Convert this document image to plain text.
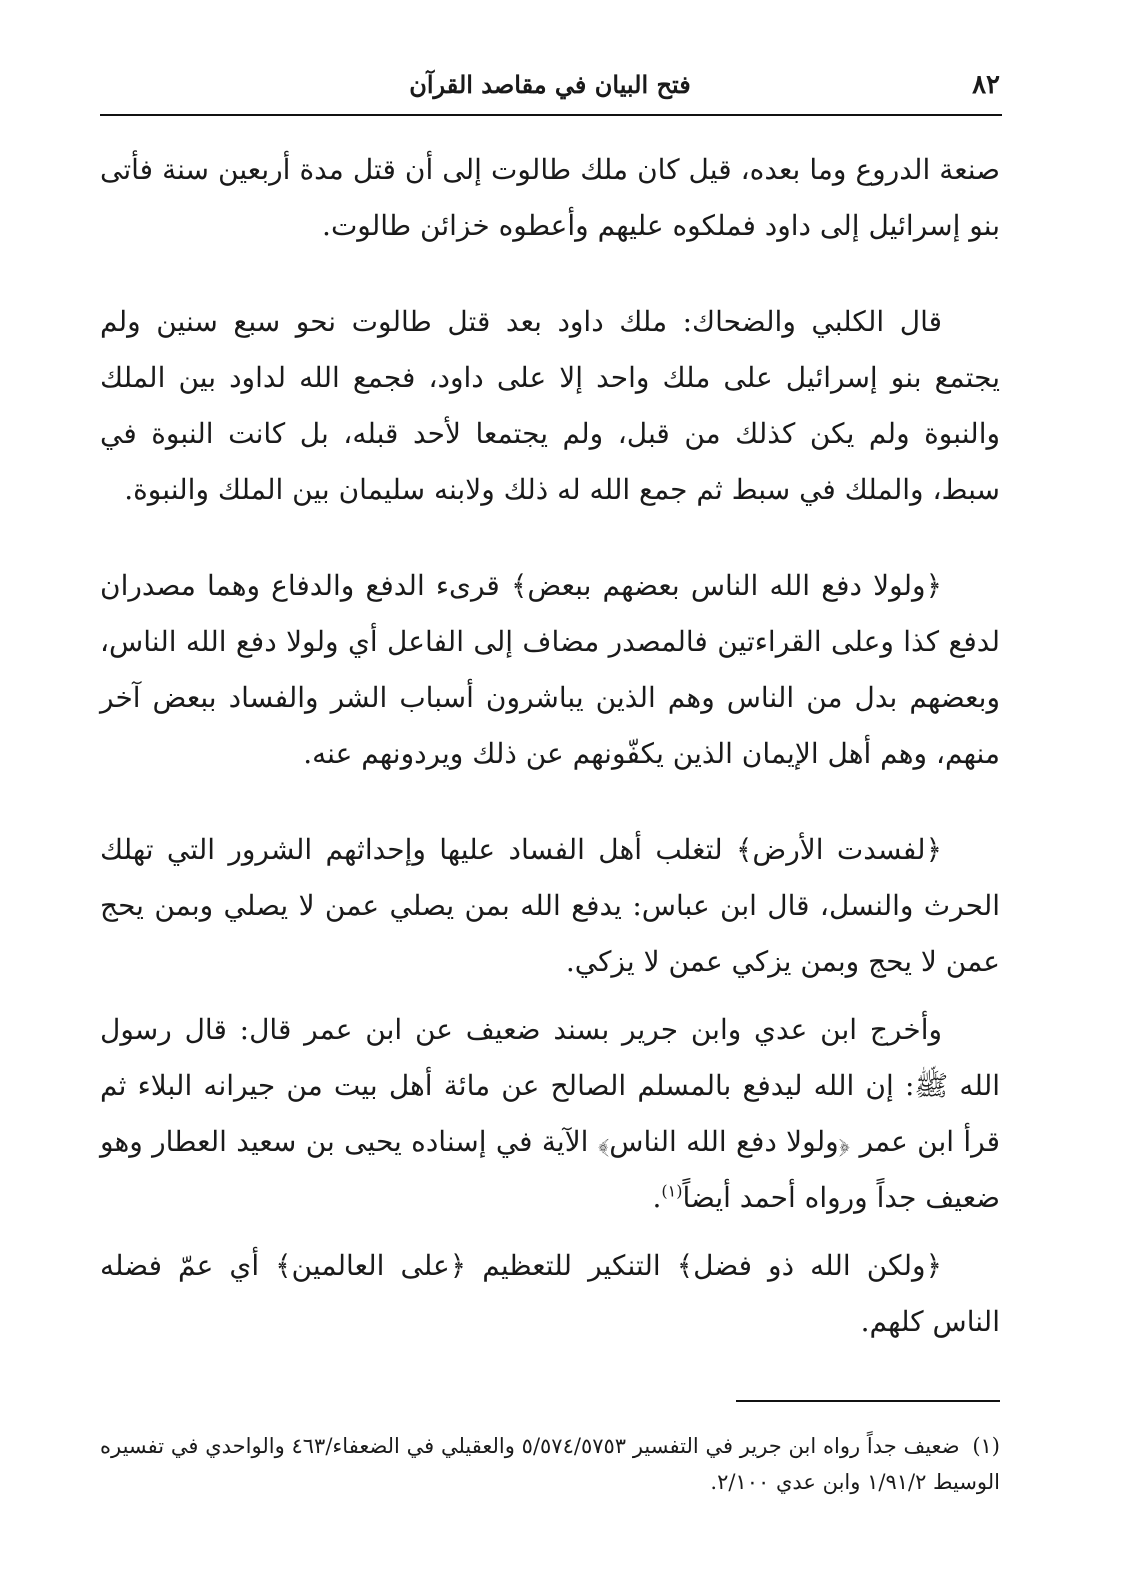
٨٢
فتح البيان في مقاصد القرآن

صنعة الدروع وما بعده، قيل كان ملك طالوت إلى أن قتل مدة أربعين سنة فأتى بنو إسرائيل إلى داود فملكوه عليهم وأعطوه خزائن طالوت.

قال الكلبي والضحاك: ملك داود بعد قتل طالوت نحو سبع سنين ولم يجتمع بنو إسرائيل على ملك واحد إلا على داود، فجمع الله لداود بين الملك والنبوة ولم يكن كذلك من قبل، ولم يجتمعا لأحد قبله، بل كانت النبوة في سبط، والملك في سبط ثم جمع الله له ذلك ولابنه سليمان بين الملك والنبوة.

﴿ولولا دفع الله الناس بعضهم ببعض﴾ قرىء الدفع والدفاع وهما مصدران لدفع كذا وعلى القراءتين فالمصدر مضاف إلى الفاعل أي ولولا دفع الله الناس، وبعضهم بدل من الناس وهم الذين يباشرون أسباب الشر والفساد ببعض آخر منهم، وهم أهل الإيمان الذين يكفّونهم عن ذلك ويردونهم عنه.

﴿لفسدت الأرض﴾ لتغلب أهل الفساد عليها وإحداثهم الشرور التي تهلك الحرث والنسل، قال ابن عباس: يدفع الله بمن يصلي عمن لا يصلي وبمن يحج عمن لا يحج وبمن يزكي عمن لا يزكي.

وأخرج ابن عدي وابن جرير بسند ضعيف عن ابن عمر قال: قال رسول الله ﷺ: إن الله ليدفع بالمسلم الصالح عن مائة أهل بيت من جيرانه البلاء ثم قرأ ابن عمر ﴿ولولا دفع الله الناس﴾ الآية في إسناده يحيى بن سعيد العطار وهو ضعيف جداً ورواه أحمد أيضاً$^{(١)}$.

﴿ولكن الله ذو فضل﴾ التنكير للتعظيم ﴿على العالمين﴾ أي عمّ فضله الناس كلهم.

(١) ضعيف جداً رواه ابن جرير في التفسير ٥/٥٧٤/٥٧٥٣ والعقيلي في الضعفاء/٤٦٣ والواحدي في تفسيره الوسيط ١/٩١/٢ وابن عدي ٢/١٠٠.
